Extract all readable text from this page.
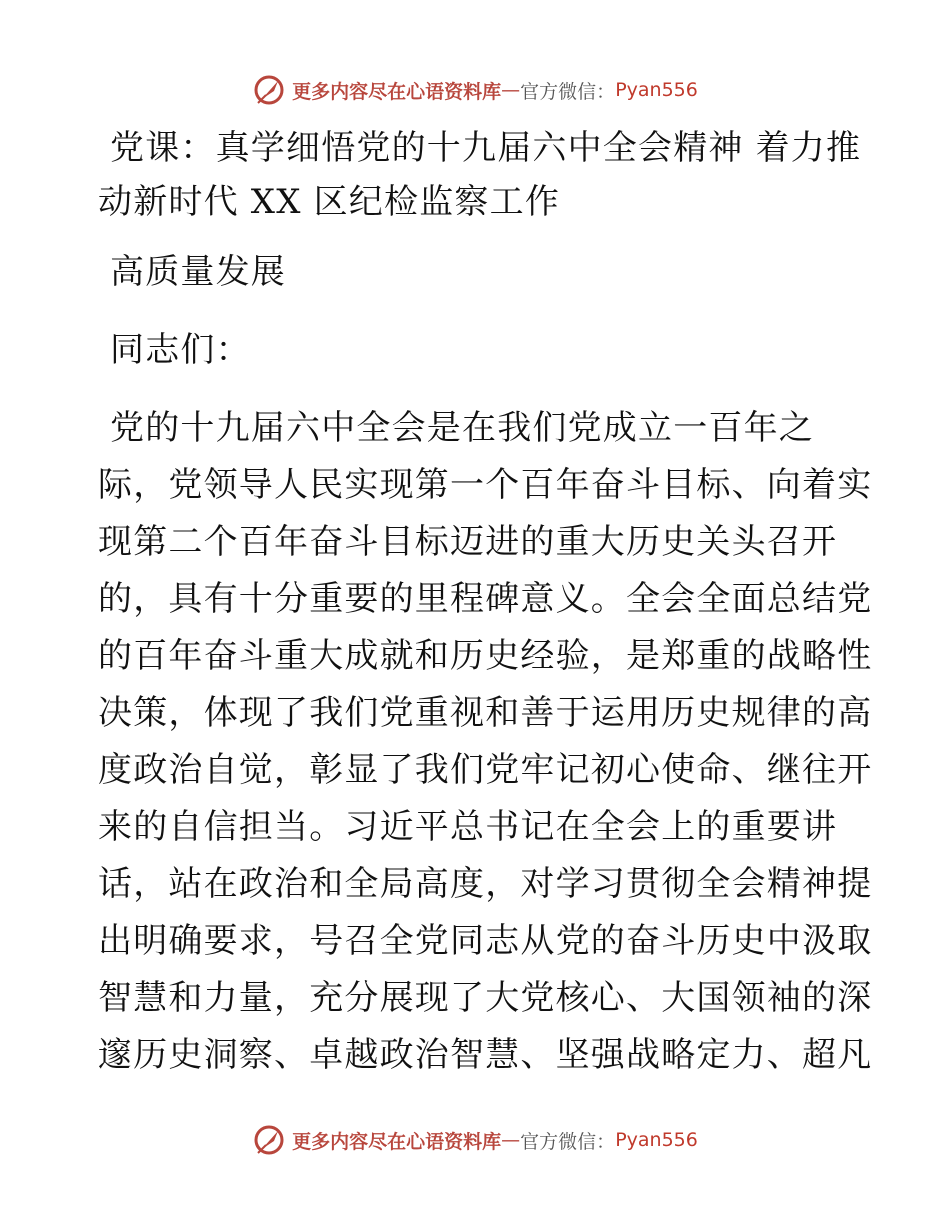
更多内容尽在心语资料库 — 官方微信： Pyan556
党课：真学细悟党的十九届六中全会精神 着力推
动新时代 XX 区纪检监察工作
高质量发展
同志们：
党的十九届六中全会是在我们党成立一百年之
际，党领导人民实现第一个百年奋斗目标、向着实
现第二个百年奋斗目标迈进的重大历史关头召开
的，具有十分重要的里程碑意义。全会全面总结党
的百年奋斗重大成就和历史经验，是郑重的战略性
决策，体现了我们党重视和善于运用历史规律的高
度政治自觉，彰显了我们党牢记初心使命、继往开
来的自信担当。习近平总书记在全会上的重要讲
话，站在政治和全局高度，对学习贯彻全会精神提
出明确要求，号召全党同志从党的奋斗历史中汲取
智慧和力量，充分展现了大党核心、大国领袖的深
邃历史洞察、卓越政治智慧、坚强战略定力、超凡
更多内容尽在心语资料库 — 官方微信： Pyan556
